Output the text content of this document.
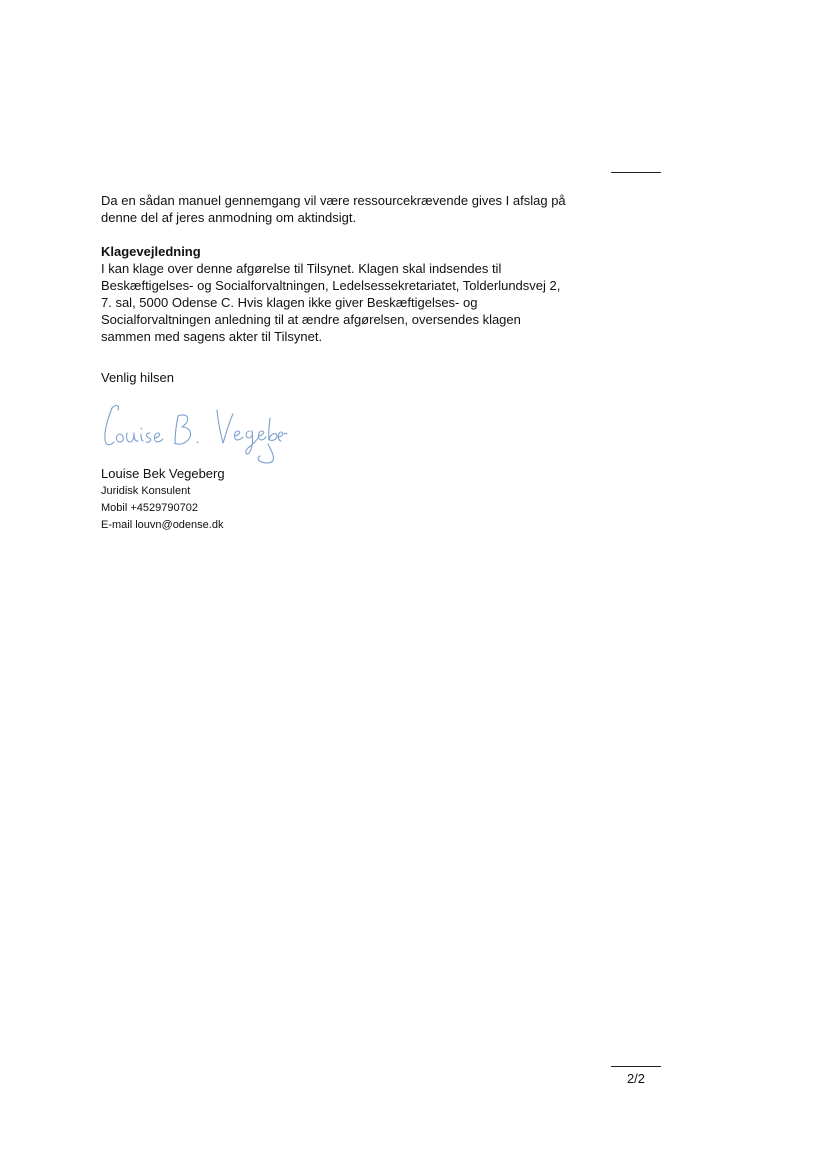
Da en sådan manuel gennemgang vil være ressourcekrævende gives I afslag på

denne del af jeres anmodning om aktindsigt.

Klagevejledning

I kan klage over denne afgørelse til Tilsynet. Klagen skal indsendes til
Beskæftigelses- og Socialforvaltningen, Ledelsessekretariatet, Tolderlundsvej 2,
7. sal, 5000 Odense C. Hvis klagen ikke giver Beskæftigelses- og
Socialforvaltningen anledning til at ændre afgørelsen, oversendes klagen
sammen med sagens akter til Tilsynet.

Venlig hilsen

Louise Bek Vegeberg

Juridisk Konsulent

Mobil +4529790702

E-mail louvn@odense.dk

2/2
